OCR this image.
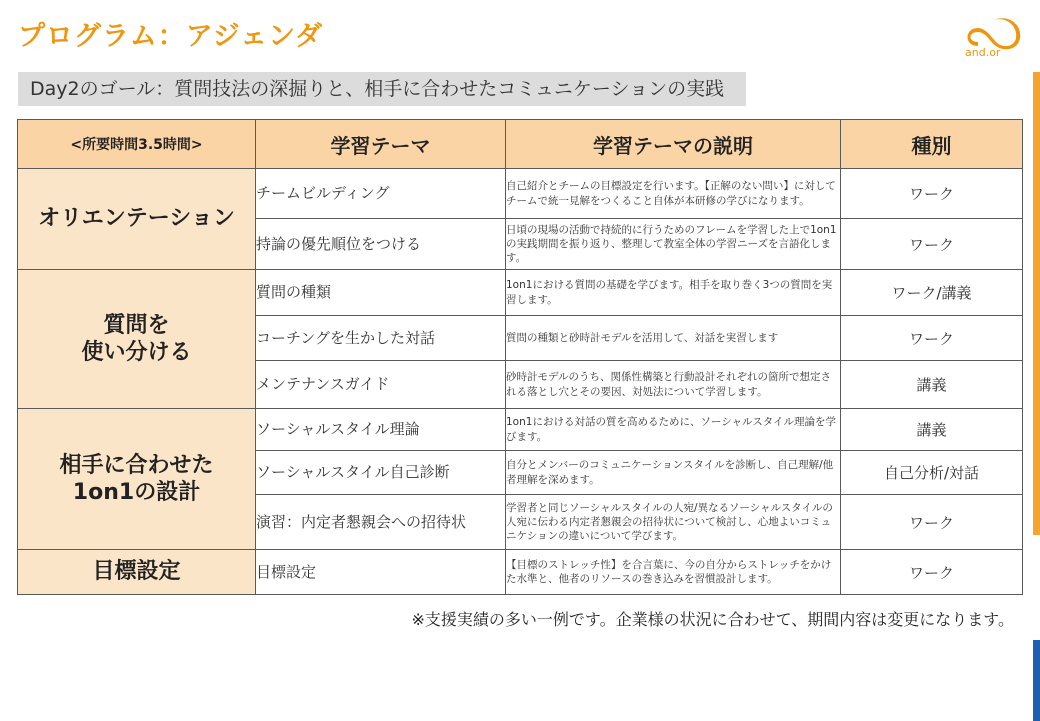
プログラム：アジェンダ
and.or
Day2のゴール：質問技法の深掘りと、相手に合わせたコミュニケーションの実践
<所要時間3.5時間>	学習テーマ	学習テーマの説明	種別
オリエンテーション	チームビルディング	自己紹介とチームの目標設定を行います。【正解のない問い】に対してチームで統一見解をつくること自体が本研修の学びになります。	ワーク
	持論の優先順位をつける	日頃の現場の活動で持続的に行うためのフレームを学習した上で1on1の実践期間を振り返り、整理して教室全体の学習ニーズを言語化します。	ワーク
質問を
使い分ける	質問の種類	1on1における質問の基礎を学びます。相手を取り巻く3つの質問を実習します。	ワーク/講義
	コーチングを生かした対話	質問の種類と砂時計モデルを活用して、対話を実習します	ワーク
	メンテナンスガイド	砂時計モデルのうち、関係性構築と行動設計それぞれの箇所で想定される落とし穴とその要因、対処法について学習します。	講義
相手に合わせた
1on1の設計	ソーシャルスタイル理論	1on1における対話の質を高めるために、ソーシャルスタイル理論を学びます。	講義
	ソーシャルスタイル自己診断	自分とメンバーのコミュニケーションスタイルを診断し、自己理解/他者理解を深めます。	自己分析/対話
	演習：内定者懇親会への招待状	学習者と同じソーシャルスタイルの人宛/異なるソーシャルスタイルの人宛に伝わる内定者懇親会の招待状について検討し、心地よいコミュニケションの違いについて学びます。	ワーク
目標設定	目標設定	【目標のストレッチ性】を合言葉に、今の自分からストレッチをかけた水準と、他者のリソースの巻き込みを習慣設計します。	ワーク
※支援実績の多い一例です。企業様の状況に合わせて、期間内容は変更になります。
